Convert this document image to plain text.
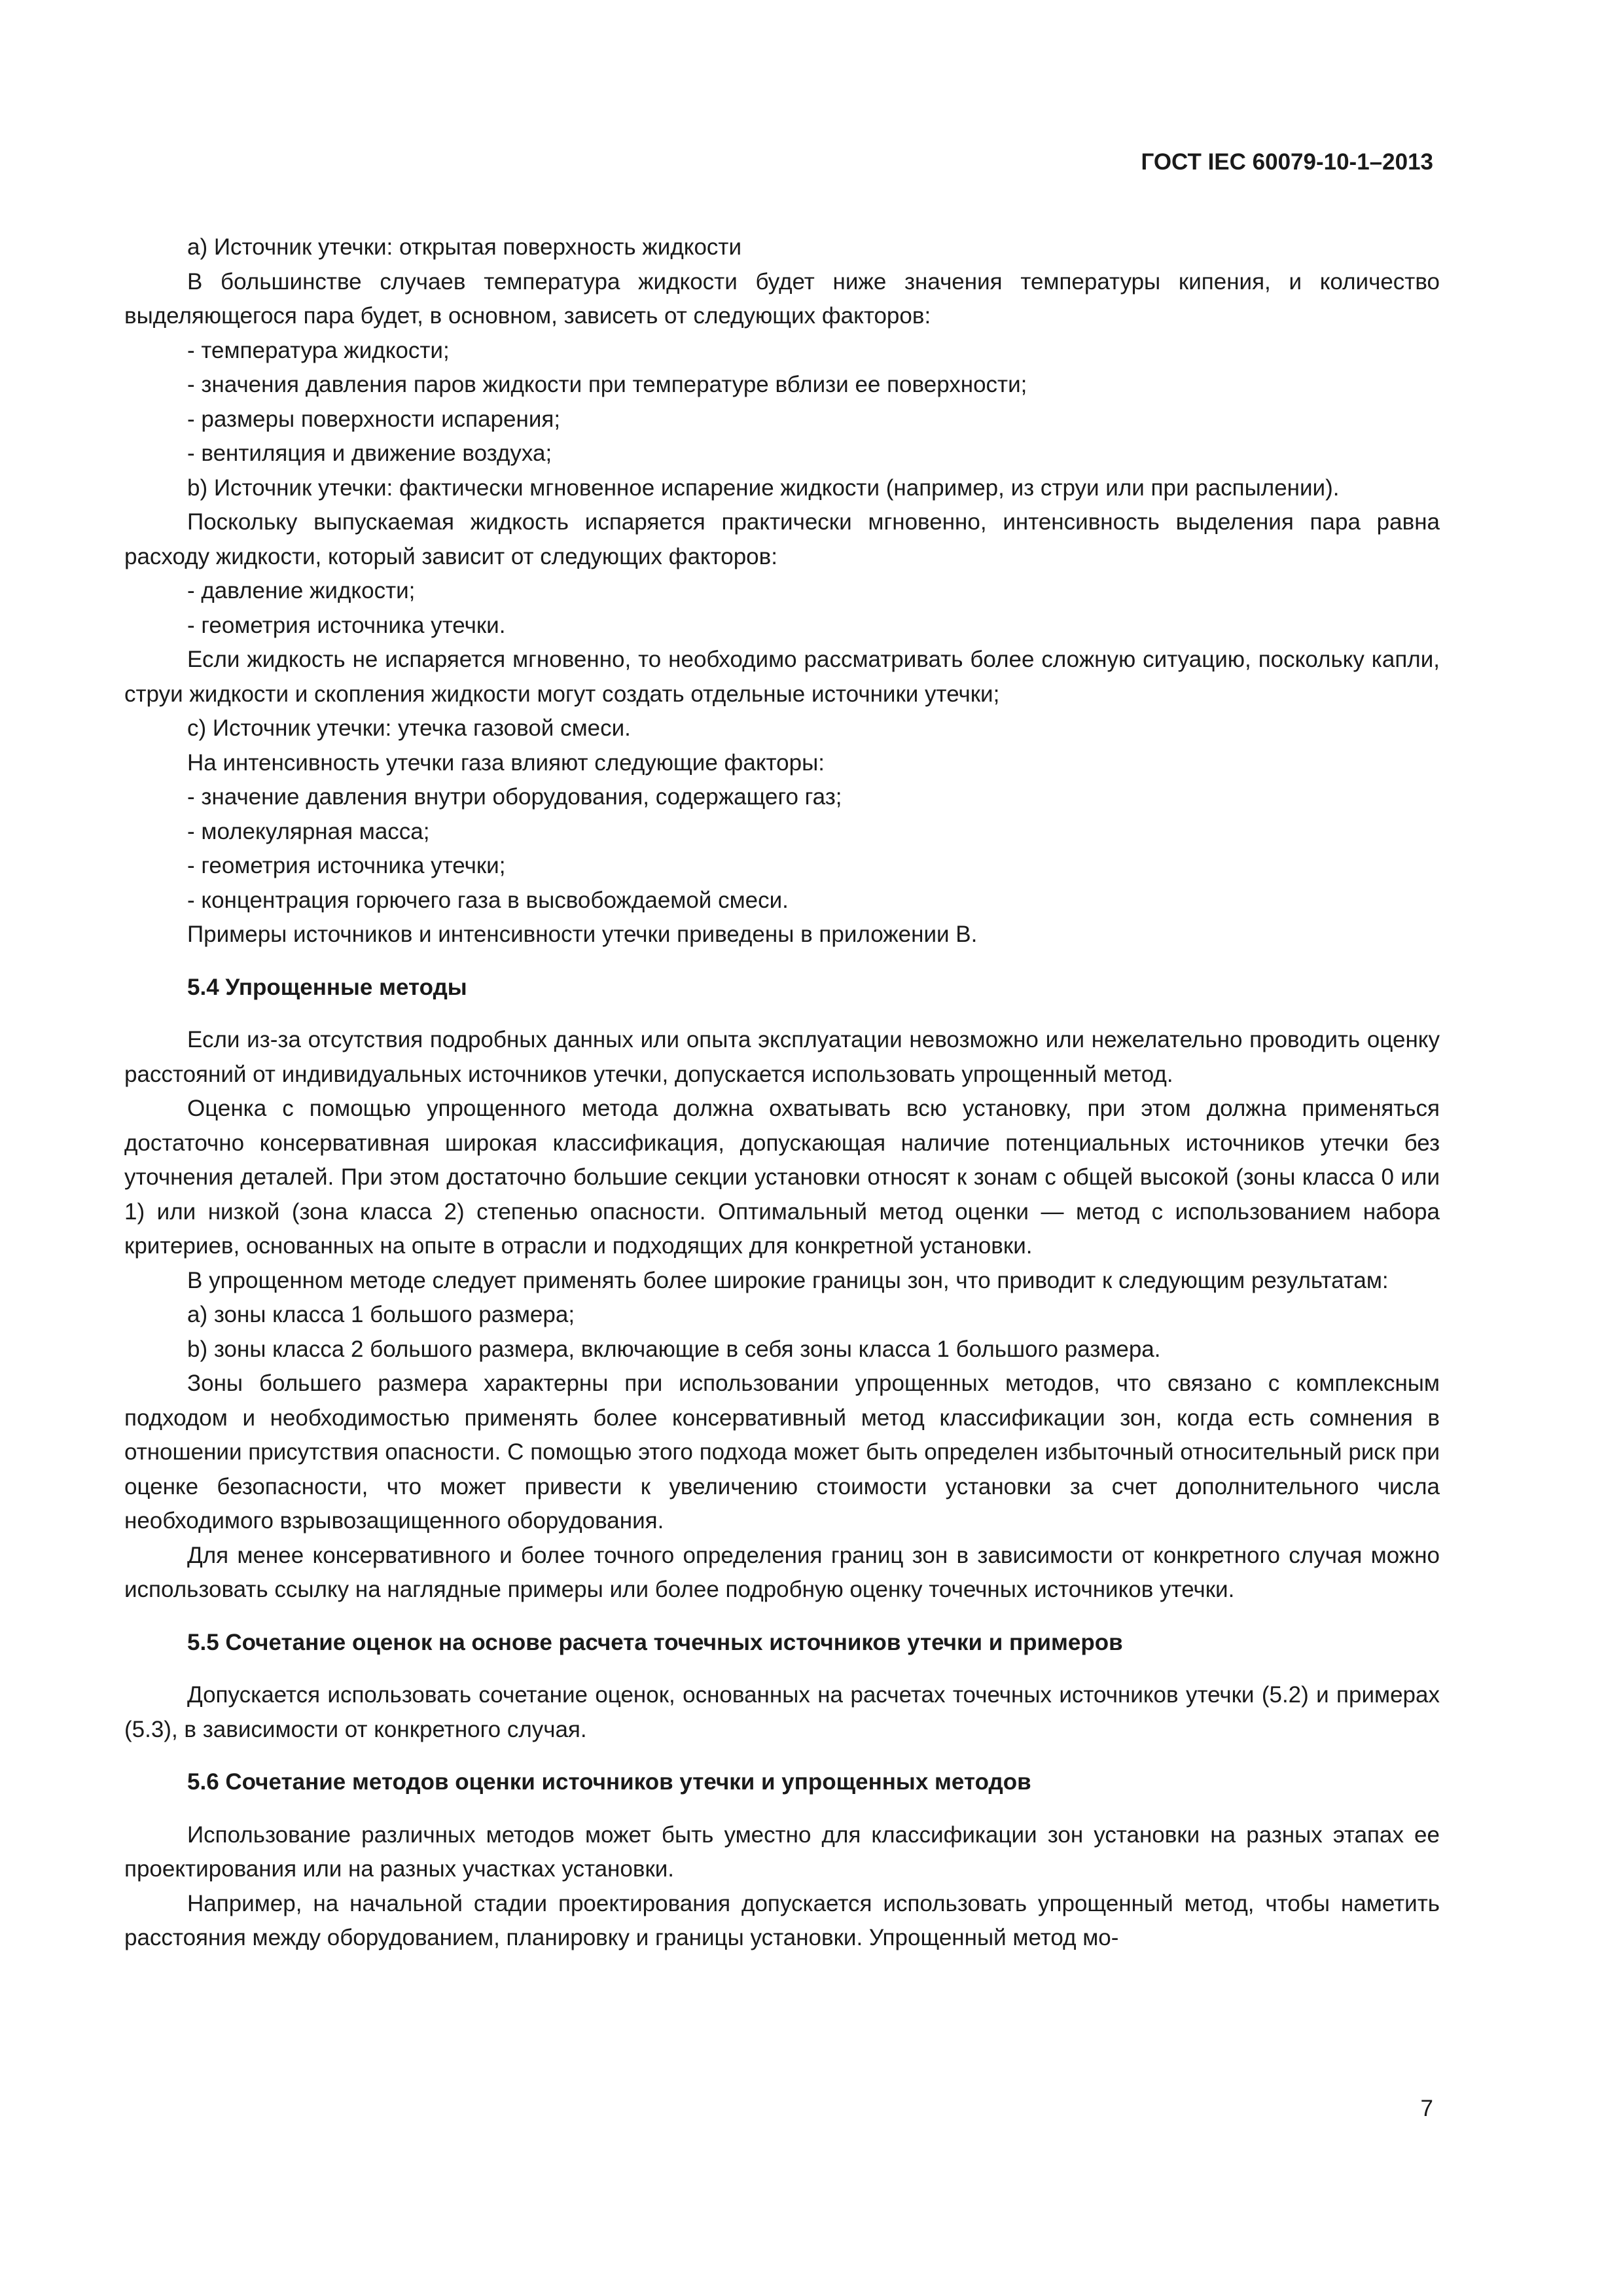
ГОСТ IEC 60079-10-1–2013

a) Источник утечки: открытая поверхность жидкости

В большинстве случаев температура жидкости будет ниже значения температуры кипения, и количество выделяющегося пара будет, в основном, зависеть от следующих факторов:

- температура жидкости;

- значения давления паров жидкости при температуре вблизи ее поверхности;

- размеры поверхности испарения;

- вентиляция и движение воздуха;

b) Источник утечки: фактически мгновенное испарение жидкости (например, из струи или при распылении).

Поскольку выпускаемая жидкость испаряется практически мгновенно, интенсивность выделения пара равна расходу жидкости, который зависит от следующих факторов:

- давление жидкости;

- геометрия источника утечки.

Если жидкость не испаряется мгновенно, то необходимо рассматривать более сложную ситуацию, поскольку капли, струи жидкости и скопления жидкости могут создать отдельные источники утечки;

c) Источник утечки: утечка газовой смеси.

На интенсивность утечки газа влияют следующие факторы:

- значение давления внутри оборудования, содержащего газ;

- молекулярная масса;

- геометрия источника утечки;

- концентрация горючего газа в высвобождаемой смеси.

Примеры источников и интенсивности утечки приведены в приложении В.

5.4 Упрощенные методы

Если из-за отсутствия подробных данных или опыта эксплуатации невозможно или нежелательно проводить оценку расстояний от индивидуальных источников утечки, допускается использовать упрощенный метод.

Оценка с помощью упрощенного метода должна охватывать всю установку, при этом должна применяться достаточно консервативная широкая классификация, допускающая наличие потенциальных источников утечки без уточнения деталей. При этом достаточно большие секции установки относят к зонам с общей высокой (зоны класса 0 или 1) или низкой (зона класса 2) степенью опасности. Оптимальный метод оценки — метод с использованием набора критериев, основанных на опыте в отрасли и подходящих для конкретной установки.

В упрощенном методе следует применять более широкие границы зон, что приводит к следующим результатам:

a) зоны класса 1 большого размера;

b) зоны класса 2 большого размера, включающие в себя зоны класса 1 большого размера.

Зоны большего размера характерны при использовании упрощенных методов, что связано с комплексным подходом и необходимостью применять более консервативный метод классификации зон, когда есть сомнения в отношении присутствия опасности. С помощью этого подхода может быть определен избыточный относительный риск при оценке безопасности, что может привести к увеличению стоимости установки за счет дополнительного числа необходимого взрывозащищенного оборудования.

Для менее консервативного и более точного определения границ зон в зависимости от конкретного случая можно использовать ссылку на наглядные примеры или более подробную оценку точечных источников утечки.

5.5 Сочетание оценок на основе расчета точечных источников утечки и примеров

Допускается использовать сочетание оценок, основанных на расчетах точечных источников утечки (5.2) и примерах (5.3), в зависимости от конкретного случая.

5.6 Сочетание методов оценки источников утечки и упрощенных методов

Использование различных методов может быть уместно для классификации зон установки на разных этапах ее проектирования или на разных участках установки.

Например, на начальной стадии проектирования допускается использовать упрощенный метод, чтобы наметить расстояния между оборудованием, планировку и границы установки. Упрощенный метод мо-

7
